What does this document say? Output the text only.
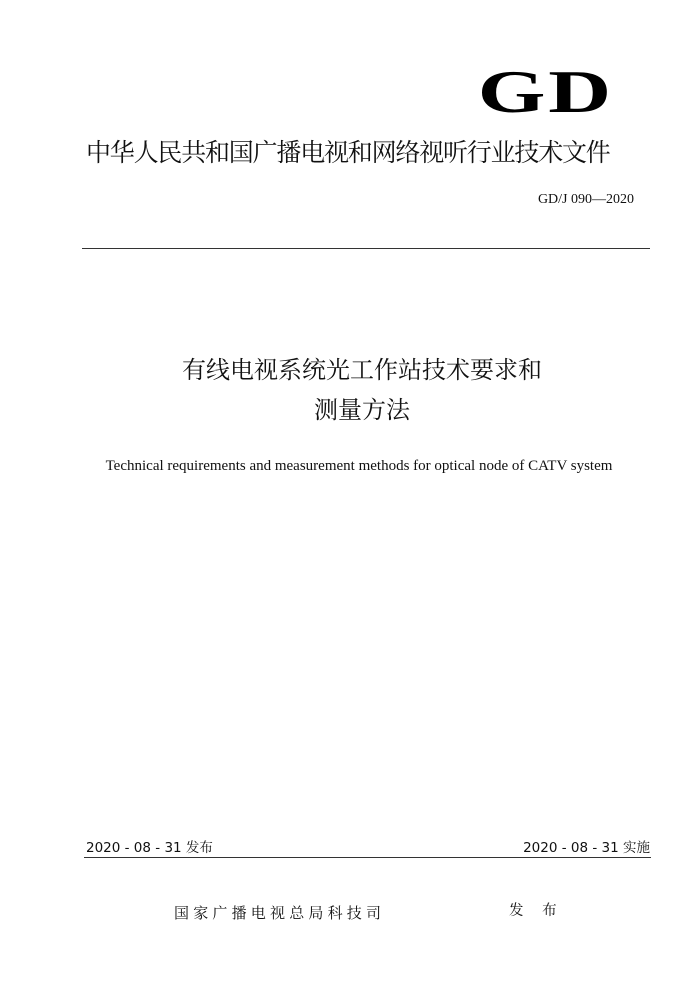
GD
中华人民共和国广播电视和网络视听行业技术文件
GD/J 090—2020
有线电视系统光工作站技术要求和
测量方法
Technical requirements and measurement methods for optical node of CATV system
2020 - 08 - 31 发布	2020 - 08 - 31 实施
国家广播电视总局科技司	发 布
